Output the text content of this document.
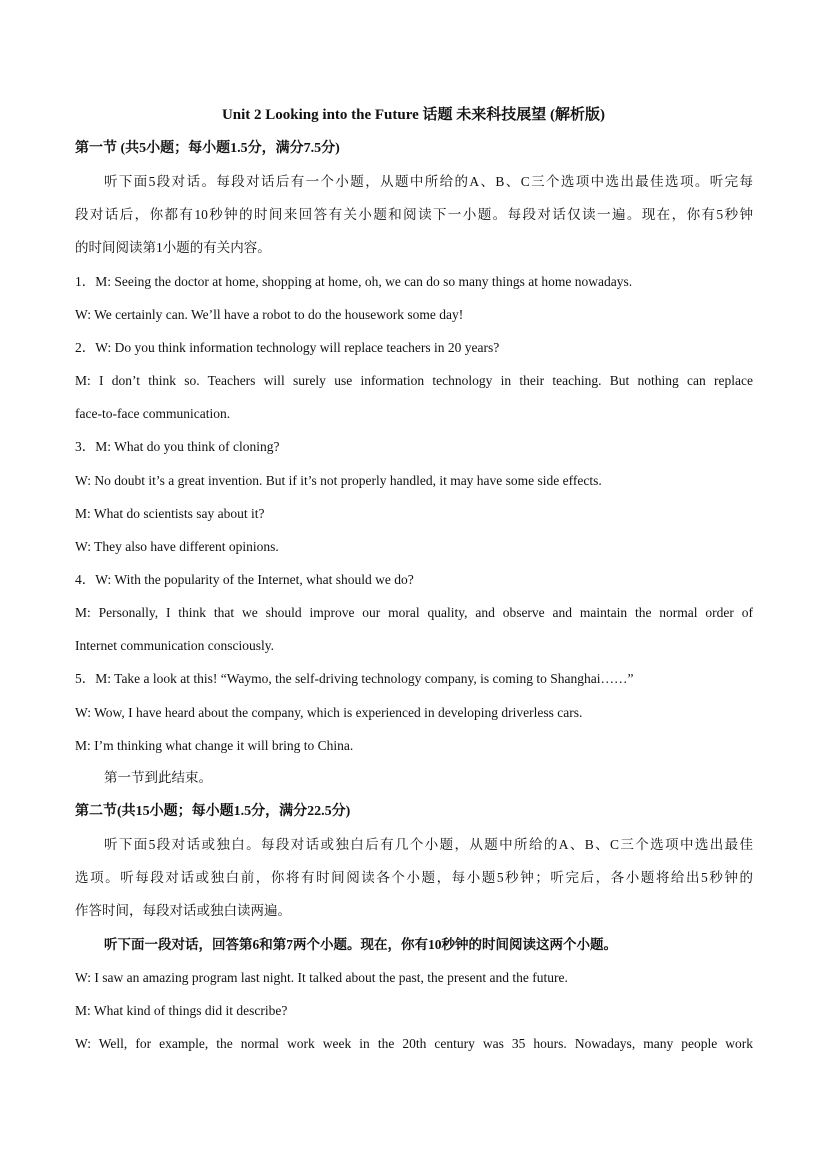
Unit 2 Looking into the Future 话题 未来科技展望 (解析版)
第一节 (共5小题；每小题1.5分，满分7.5分)
听下面5段对话。每段对话后有一个小题，从题中所给的A、B、C三个选项中选出最佳选项。听完每
段对话后，你都有10秒钟的时间来回答有关小题和阅读下一小题。每段对话仅读一遍。现在，你有5秒钟
的时间阅读第1小题的有关内容。
1．M: Seeing the doctor at home, shopping at home, oh, we can do so many things at home nowadays.
W: We certainly can. We’ll have a robot to do the housework some day!
2．W: Do you think information technology will replace teachers in 20 years?
M: I don’t think so. Teachers will surely use information technology in their teaching. But nothing can replace
face-to-face communication.
3．M: What do you think of cloning?
W: No doubt it’s a great invention. But if it’s not properly handled, it may have some side effects.
M: What do scientists say about it?
W: They also have different opinions.
4．W: With the popularity of the Internet, what should we do?
M: Personally, I think that we should improve our moral quality, and observe and maintain the normal order of
Internet communication consciously.
5．M: Take a look at this! “Waymo, the self-driving technology company, is coming to Shanghai……”
W: Wow, I have heard about the company, which is experienced in developing driverless cars.
M: I’m thinking what change it will bring to China.
第一节到此结束。
第二节(共15小题；每小题1.5分，满分22.5分)
听下面5段对话或独白。每段对话或独白后有几个小题，从题中所给的A、B、C三个选项中选出最佳
选项。听每段对话或独白前，你将有时间阅读各个小题，每小题5秒钟；听完后，各小题将给出5秒钟的
作答时间，每段对话或独白读两遍。
听下面一段对话，回答第6和第7两个小题。现在，你有10秒钟的时间阅读这两个小题。
W: I saw an amazing program last night. It talked about the past, the present and the future.
M: What kind of things did it describe?
W: Well, for example, the normal work week in the 20th century was 35 hours. Nowadays, many people work
